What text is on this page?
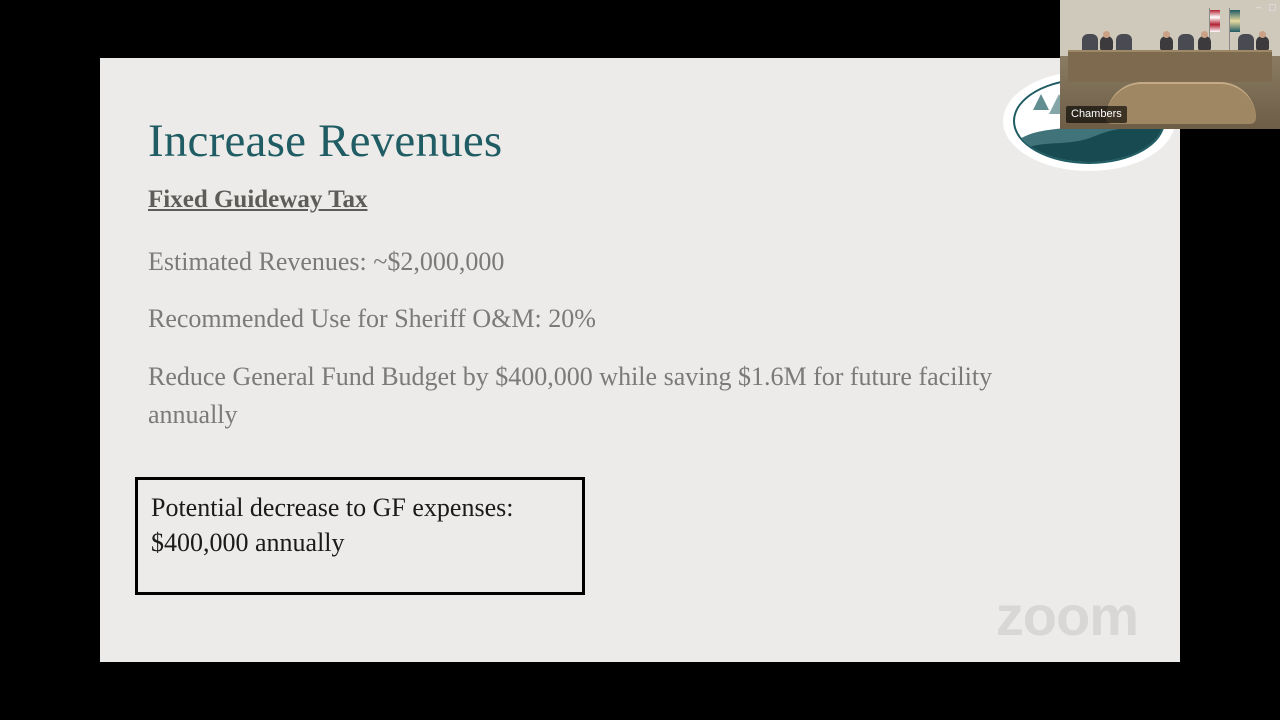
Increase Revenues
Fixed Guideway Tax
Estimated Revenues: ~$2,000,000
Recommended Use for Sheriff O&M: 20%
Reduce General Fund Budget by $400,000 while saving $1.6M for future facility annually
Potential decrease to GF expenses: $400,000 annually
zoom
–
Chambers
